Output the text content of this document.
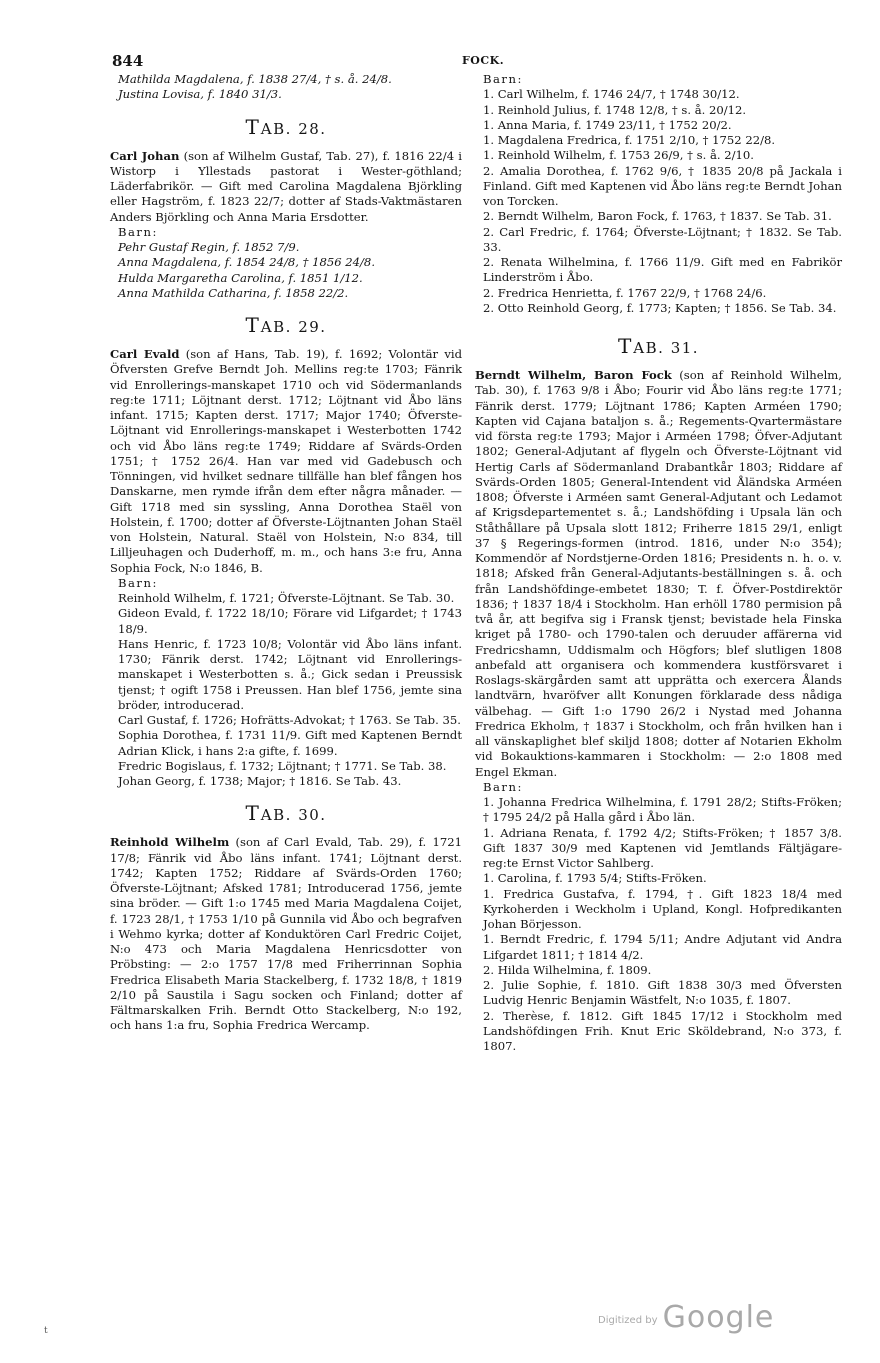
844	FOCK.

Mathilda Magdalena, f. 1838 27/4, † s. å. 24/8.

Justina Lovisa, f. 1840 31/3.

TAB. 28.

Carl Johan (son af Wilhelm Gustaf, Tab. 27), f. 1816 22/4 i Wistorp i Yllestads pastorat i Wester-göthland; Läderfabrikör. — Gift med Carolina Magdalena Björkling eller Hagström, f. 1823 22/7; dotter af Stads-Vaktmästaren Anders Björkling och Anna Maria Ersdotter.

Barn:

Pehr Gustaf Regin, f. 1852 7/9.

Anna Magdalena, f. 1854 24/8, † 1856 24/8.

Hulda Margaretha Carolina, f. 1851 1/12.

Anna Mathilda Catharina, f. 1858 22/2.

TAB. 29.

Carl Evald (son af Hans, Tab. 19), f. 1692; Volontär vid Öfversten Grefve Berndt Joh. Mellins reg:te 1703; Fänrik vid Enrollerings-manskapet 1710 och vid Södermanlands reg:te 1711; Löjtnant derst. 1712; Löjtnant vid Åbo läns infant. 1715; Kapten derst. 1717; Major 1740; Öfverste-Löjtnant vid Enrollerings-manskapet i Westerbotten 1742 och vid Åbo läns reg:te 1749; Riddare af Svärds-Orden 1751; † 1752 26/4. Han var med vid Gadebusch och Tönningen, vid hvilket sednare tillfälle han blef fången hos Danskarne, men rymde ifrån dem efter några månader. — Gift 1718 med sin syssling, Anna Dorothea Staël von Holstein, f. 1700; dotter af Öfverste-Löjtnanten Johan Staël von Holstein, Natural. Staël von Holstein, N:o 834, till Lilljeuhagen och Duderhoff, m. m., och hans 3:e fru, Anna Sophia Fock, N:o 1846, B.

Barn:

Reinhold Wilhelm, f. 1721; Öfverste-Löjtnant. Se Tab. 30.

Gideon Evald, f. 1722 18/10; Förare vid Lifgardet; † 1743 18/9.

Hans Henric, f. 1723 10/8; Volontär vid Åbo läns infant. 1730; Fänrik derst. 1742; Löjtnant vid Enrollerings-manskapet i Westerbotten s. å.; Gick sedan i Preussisk tjenst; † ogift 1758 i Preussen. Han blef 1756, jemte sina bröder, introducerad.

Carl Gustaf, f. 1726; Hofrätts-Advokat; † 1763. Se Tab. 35.

Sophia Dorothea, f. 1731 11/9. Gift med Kaptenen Berndt Adrian Klick, i hans 2:a gifte, f. 1699.

Fredric Bogislaus, f. 1732; Löjtnant; † 1771. Se Tab. 38.

Johan Georg, f. 1738; Major; † 1816. Se Tab. 43.

TAB. 30.

Reinhold Wilhelm (son af Carl Evald, Tab. 29), f. 1721 17/8; Fänrik vid Åbo läns infant. 1741; Löjtnant derst. 1742; Kapten 1752; Riddare af Svärds-Orden 1760; Öfverste-Löjtnant; Afsked 1781; Introducerad 1756, jemte sina bröder. — Gift 1:o 1745 med Maria Magdalena Coijet, f. 1723 28/1, † 1753 1/10 på Gunnila vid Åbo och begrafven i Wehmo kyrka; dotter af Konduktören Carl Fredric Coijet, N:o 473 och Maria Magdalena Henricsdotter von Pröbsting: — 2:o 1757 17/8 med Friherrinnan Sophia Fredrica Elisabeth Maria Stackelberg, f. 1732 18/8, † 1819 2/10 på Saustila i Sagu socken och Finland; dotter af Fältmarskalken Frih. Berndt Otto Stackelberg, N:o 192, och hans 1:a fru, Sophia Fredrica Wercamp.

Barn:

1. Carl Wilhelm, f. 1746 24/7, † 1748 30/12.

1. Reinhold Julius, f. 1748 12/8, † s. å. 20/12.

1. Anna Maria, f. 1749 23/11, † 1752 20/2.

1. Magdalena Fredrica, f. 1751 2/10, † 1752 22/8.

1. Reinhold Wilhelm, f. 1753 26/9, † s. å. 2/10.

2. Amalia Dorothea, f. 1762 9/6, † 1835 20/8 på Jackala i Finland. Gift med Kaptenen vid Åbo läns reg:te Berndt Johan von Torcken.

2. Berndt Wilhelm, Baron Fock, f. 1763, † 1837. Se Tab. 31.

2. Carl Fredric, f. 1764; Öfverste-Löjtnant; † 1832. Se Tab. 33.

2. Renata Wilhelmina, f. 1766 11/9. Gift med en Fabrikör Linderström i Åbo.

2. Fredrica Henrietta, f. 1767 22/9, † 1768 24/6.

2. Otto Reinhold Georg, f. 1773; Kapten; † 1856. Se Tab. 34.

TAB. 31.

Berndt Wilhelm, Baron Fock (son af Reinhold Wilhelm, Tab. 30), f. 1763 9/8 i Åbo; Fourir vid Åbo läns reg:te 1771; Fänrik derst. 1779; Löjtnant 1786; Kapten Arméen 1790; Kapten vid Cajana bataljon s. å.; Regements-Qvartermästare vid första reg:te 1793; Major i Arméen 1798; Öfver-Adjutant 1802; General-Adjutant af flygeln och Öfverste-Löjtnant vid Hertig Carls af Södermanland Drabantkår 1803; Riddare af Svärds-Orden 1805; General-Intendent vid Åländska Arméen 1808; Öfverste i Arméen samt General-Adjutant och Ledamot af Krigsdepartementet s. å.; Landshöfding i Upsala län och Ståthållare på Upsala slott 1812; Friherre 1815 29/1, enligt 37 § Regerings-formen (introd. 1816, under N:o 354); Kommendör af Nordstjerne-Orden 1816; Presidents n. h. o. v. 1818; Afsked från General-Adjutants-beställningen s. å. och från Landshöfdinge-embetet 1830; T. f. Öfver-Postdirektör 1836; † 1837 18/4 i Stockholm. Han erhöll 1780 permision på två år, att begifva sig i Fransk tjenst; bevistade hela Finska kriget på 1780- och 1790-talen och deruuder affärerna vid Fredricshamn, Uddismalm och Högfors; blef slutligen 1808 anbefald att organisera och kommendera kustförsvaret i Roslags-skärgården samt att upprätta och exercera Ålands landtvärn, hvaröfver allt Konungen förklarade dess nådiga välbehag. — Gift 1:o 1790 26/2 i Nystad med Johanna Fredrica Ekholm, † 1837 i Stockholm, och från hvilken han i all vänskaplighet blef skiljd 1808; dotter af Notarien Ekholm vid Bokauktions-kammaren i Stockholm: — 2:o 1808 med Engel Ekman.

Barn:

1. Johanna Fredrica Wilhelmina, f. 1791 28/2; Stifts-Fröken; † 1795 24/2 på Halla gård i Åbo län.

1. Adriana Renata, f. 1792 4/2; Stifts-Fröken; † 1857 3/8. Gift 1837 30/9 med Kaptenen vid Jemtlands Fältjägare-reg:te Ernst Victor Sahlberg.

1. Carolina, f. 1793 5/4; Stifts-Fröken.

1. Fredrica Gustafva, f. 1794, †. Gift 1823 18/4 med Kyrkoherden i Weckholm i Upland, Kongl. Hofpredikanten Johan Börjesson.

1. Berndt Fredric, f. 1794 5/11; Andre Adjutant vid Andra Lifgardet 1811; † 1814 4/2.

2. Hilda Wilhelmina, f. 1809.

2. Julie Sophie, f. 1810. Gift 1838 30/3 med Öfversten Ludvig Henric Benjamin Wästfelt, N:o 1035, f. 1807.

2. Therèse, f. 1812. Gift 1845 17/12 i Stockholm med Landshöfdingen Frih. Knut Eric Sköldebrand, N:o 373, f. 1807.

t
$^{Digitized by}$ Google
